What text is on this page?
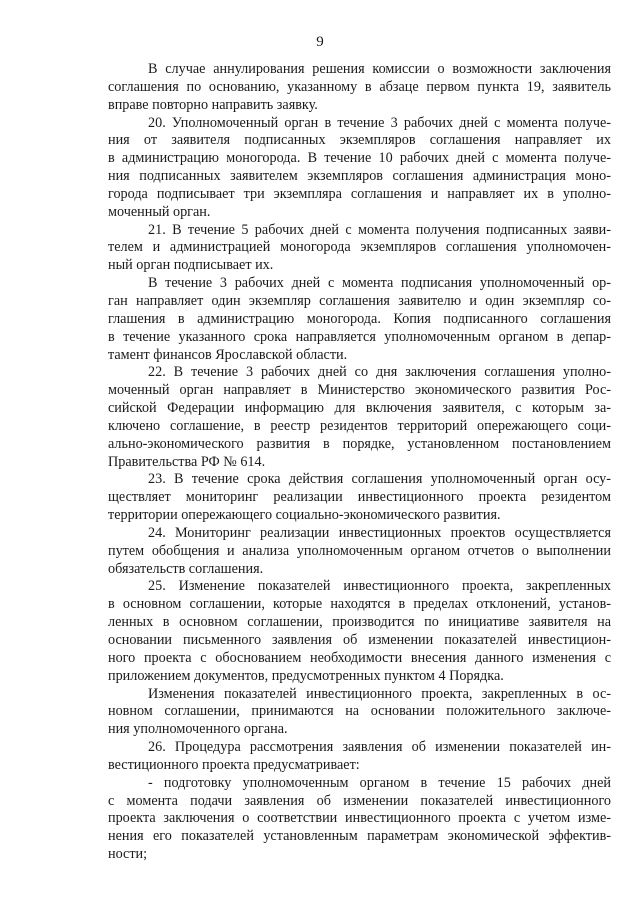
9
В случае аннулирования решения комиссии о возможности заключения
соглашения по основанию, указанному в абзаце первом пункта 19, заявитель
вправе повторно направить заявку.
20. Уполномоченный орган в течение 3 рабочих дней с момента получе-
ния от заявителя подписанных экземпляров соглашения направляет их
в администрацию моногорода. В течение 10 рабочих дней с момента получе-
ния подписанных заявителем экземпляров соглашения администрация моно-
города подписывает три экземпляра соглашения и направляет их в уполно-
моченный орган.
21. В течение 5 рабочих дней с момента получения подписанных заяви-
телем и администрацией моногорода экземпляров соглашения уполномочен-
ный орган подписывает их.
В течение 3 рабочих дней с момента подписания уполномоченный ор-
ган направляет один экземпляр соглашения заявителю и один экземпляр со-
глашения в администрацию моногорода. Копия подписанного соглашения
в течение указанного срока направляется уполномоченным органом в депар-
тамент финансов Ярославской области.
22. В течение 3 рабочих дней со дня заключения соглашения уполно-
моченный орган направляет в Министерство экономического развития Рос-
сийской Федерации информацию для включения заявителя, с которым за-
ключено соглашение, в реестр резидентов территорий опережающего соци-
ально-экономического развития в порядке, установленном постановлением
Правительства РФ № 614.
23. В течение срока действия соглашения уполномоченный орган осу-
ществляет мониторинг реализации инвестиционного проекта резидентом
территории опережающего социально-экономического развития.
24. Мониторинг реализации инвестиционных проектов осуществляется
путем обобщения и анализа уполномоченным органом отчетов о выполнении
обязательств соглашения.
25. Изменение показателей инвестиционного проекта, закрепленных
в основном соглашении, которые находятся в пределах отклонений, установ-
ленных в основном соглашении, производится по инициативе заявителя на
основании письменного заявления об изменении показателей инвестицион-
ного проекта с обоснованием необходимости внесения данного изменения с
приложением документов, предусмотренных пунктом 4 Порядка.
Изменения показателей инвестиционного проекта, закрепленных в ос-
новном соглашении, принимаются на основании положительного заключе-
ния уполномоченного органа.
26. Процедура рассмотрения заявления об изменении показателей ин-
вестиционного проекта предусматривает:
- подготовку уполномоченным органом в течение 15 рабочих дней
с момента подачи заявления об изменении показателей инвестиционного
проекта заключения о соответствии инвестиционного проекта с учетом изме-
нения его показателей установленным параметрам экономической эффектив-
ности;
